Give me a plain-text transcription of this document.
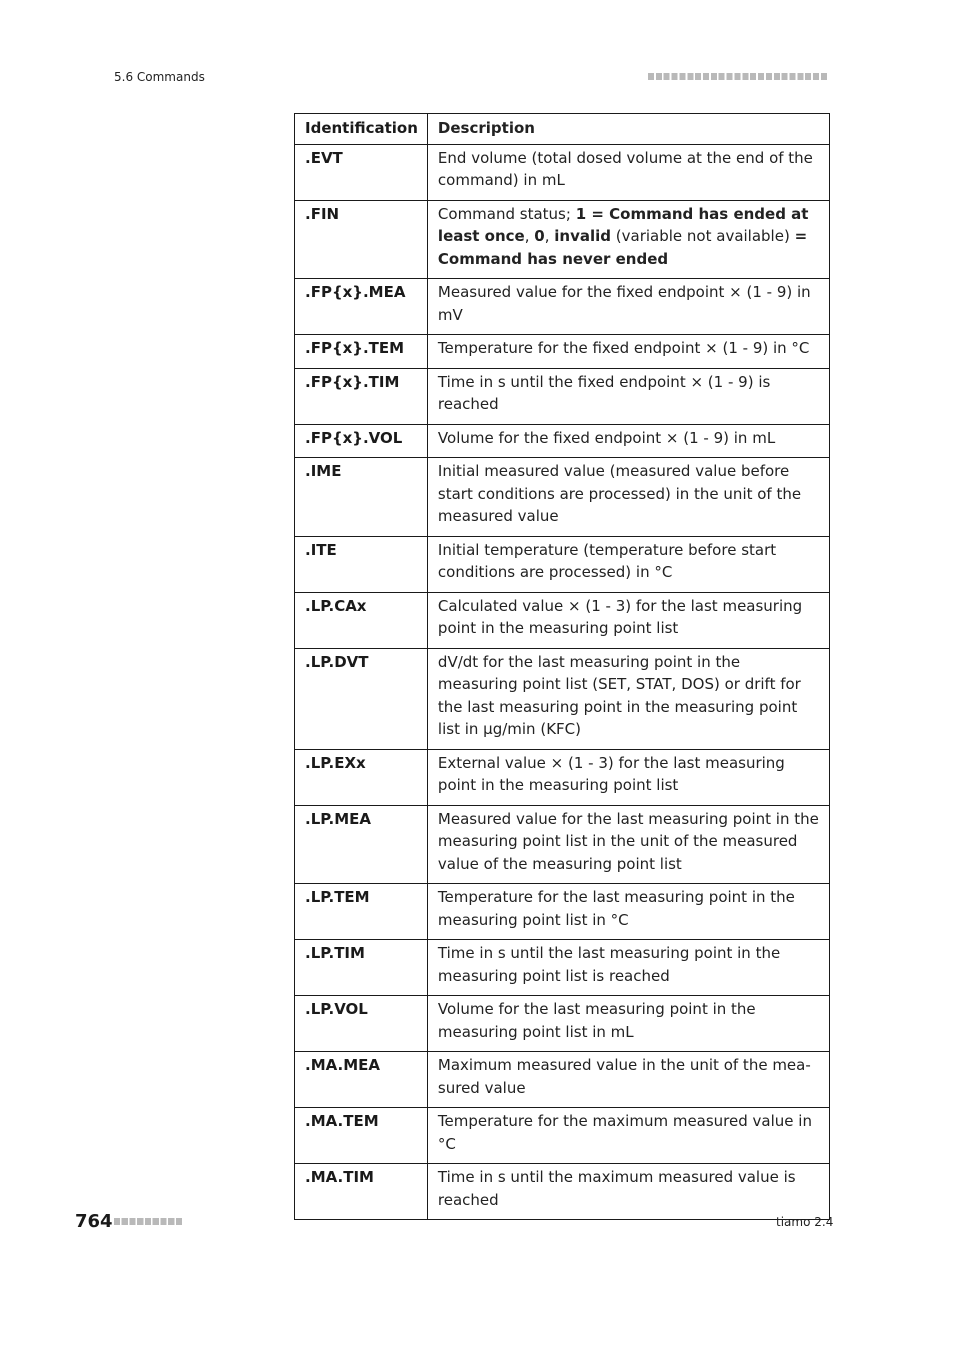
5.6 Commands
Identification	Description
.EVT	End volume (total dosed volume at the end of the command) in mL
.FIN	Command status; 1 = Command has ended at least once, 0, invalid (variable not available) = Command has never ended
.FP{x}.MEA	Measured value for the fixed endpoint × (1 - 9) in mV
.FP{x}.TEM	Temperature for the fixed endpoint × (1 - 9) in °C
.FP{x}.TIM	Time in s until the fixed endpoint × (1 - 9) is reached
.FP{x}.VOL	Volume for the fixed endpoint × (1 - 9) in mL
.IME	Initial measured value (measured value before start conditions are processed) in the unit of the measured value
.ITE	Initial temperature (temperature before start conditions are processed) in °C
.LP.CAx	Calculated value × (1 - 3) for the last measuring point in the measuring point list
.LP.DVT	dV/dt for the last measuring point in the measuring point list (SET, STAT, DOS) or drift for the last measuring point in the measuring point list in µg/min (KFC)
.LP.EXx	External value × (1 - 3) for the last measuring point in the measuring point list
.LP.MEA	Measured value for the last measuring point in the measuring point list in the unit of the measured value of the measuring point list
.LP.TEM	Temperature for the last measuring point in the measuring point list in °C
.LP.TIM	Time in s until the last measuring point in the measuring point list is reached
.LP.VOL	Volume for the last measuring point in the measuring point list in mL
.MA.MEA	Maximum measured value in the unit of the measured value
.MA.TEM	Temperature for the maximum measured value in °C
.MA.TIM	Time in s until the maximum measured value is reached
764	tiamo 2.4
